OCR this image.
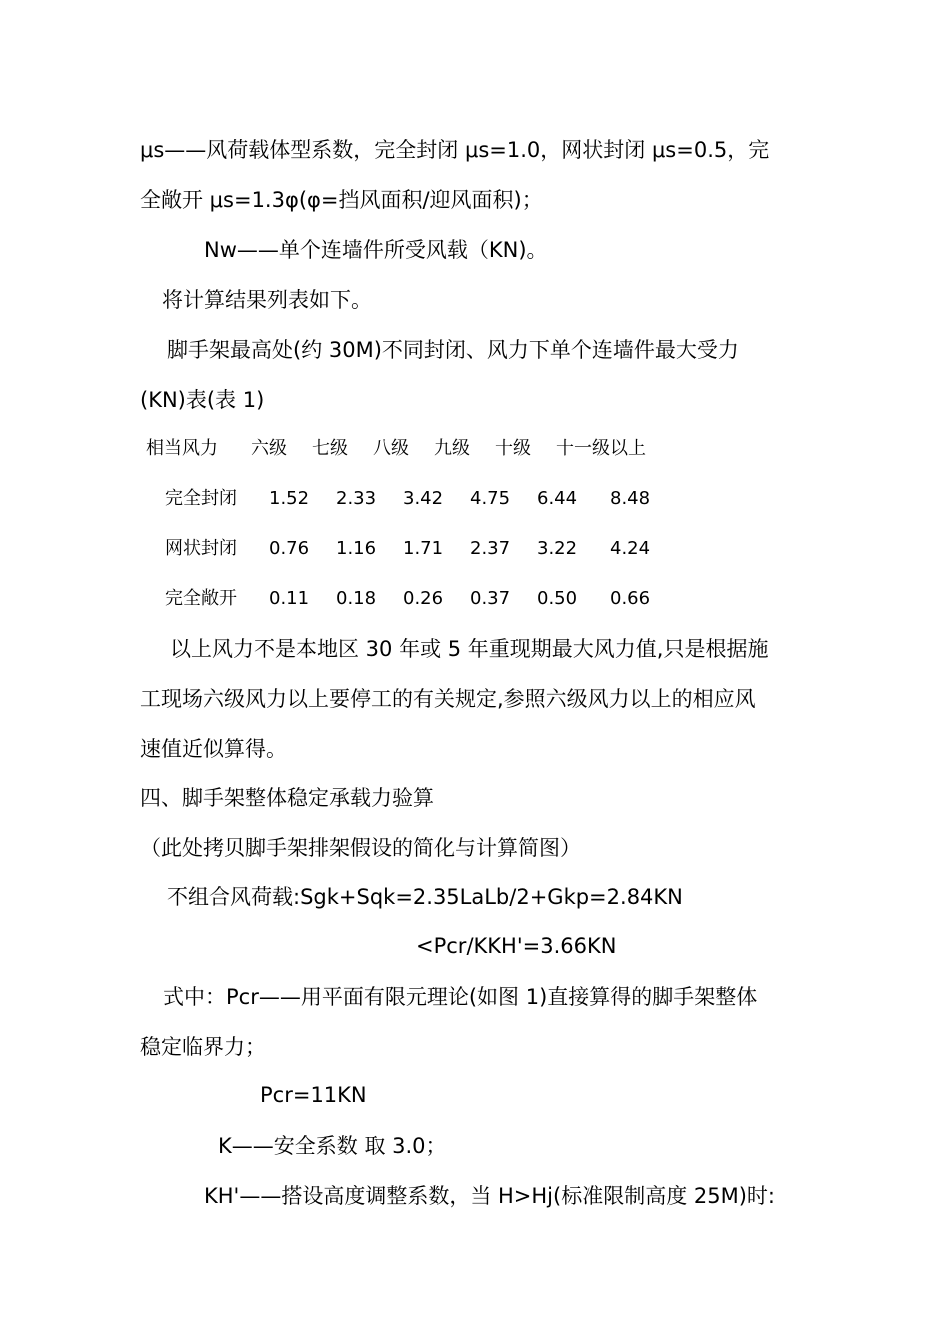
μs——风荷载体型系数，完全封闭 μs=1.0，网状封闭 μs=0.5，完
全敞开 μs=1.3φ(φ=挡风面积/迎风面积)；
Nw——单个连墙件所受风载（KN)。
将计算结果列表如下。
脚手架最高处(约 30M)不同封闭、风力下单个连墙件最大受力
(KN)表(表 1)
相当风力 六级 七级 八级 九级 十级 十一级以上
完全封闭 1.52 2.33 3.42 4.75 6.44 8.48
网状封闭 0.76 1.16 1.71 2.37 3.22 4.24
完全敞开 0.11 0.18 0.26 0.37 0.50 0.66
以上风力不是本地区 30 年或 5 年重现期最大风力值,只是根据施
工现场六级风力以上要停工的有关规定,参照六级风力以上的相应风
速值近似算得。
四、脚手架整体稳定承载力验算
（此处拷贝脚手架排架假设的简化与计算简图）
不组合风荷载:Sgk+Sqk=2.35LaLb/2+Gkp=2.84KN
<Pcr/KKH'=3.66KN
式中：Pcr——用平面有限元理论(如图 1)直接算得的脚手架整体
稳定临界力；
Pcr=11KN
K——安全系数 取 3.0；
KH'——搭设高度调整系数，当 H>Hj(标准限制高度 25M)时:
